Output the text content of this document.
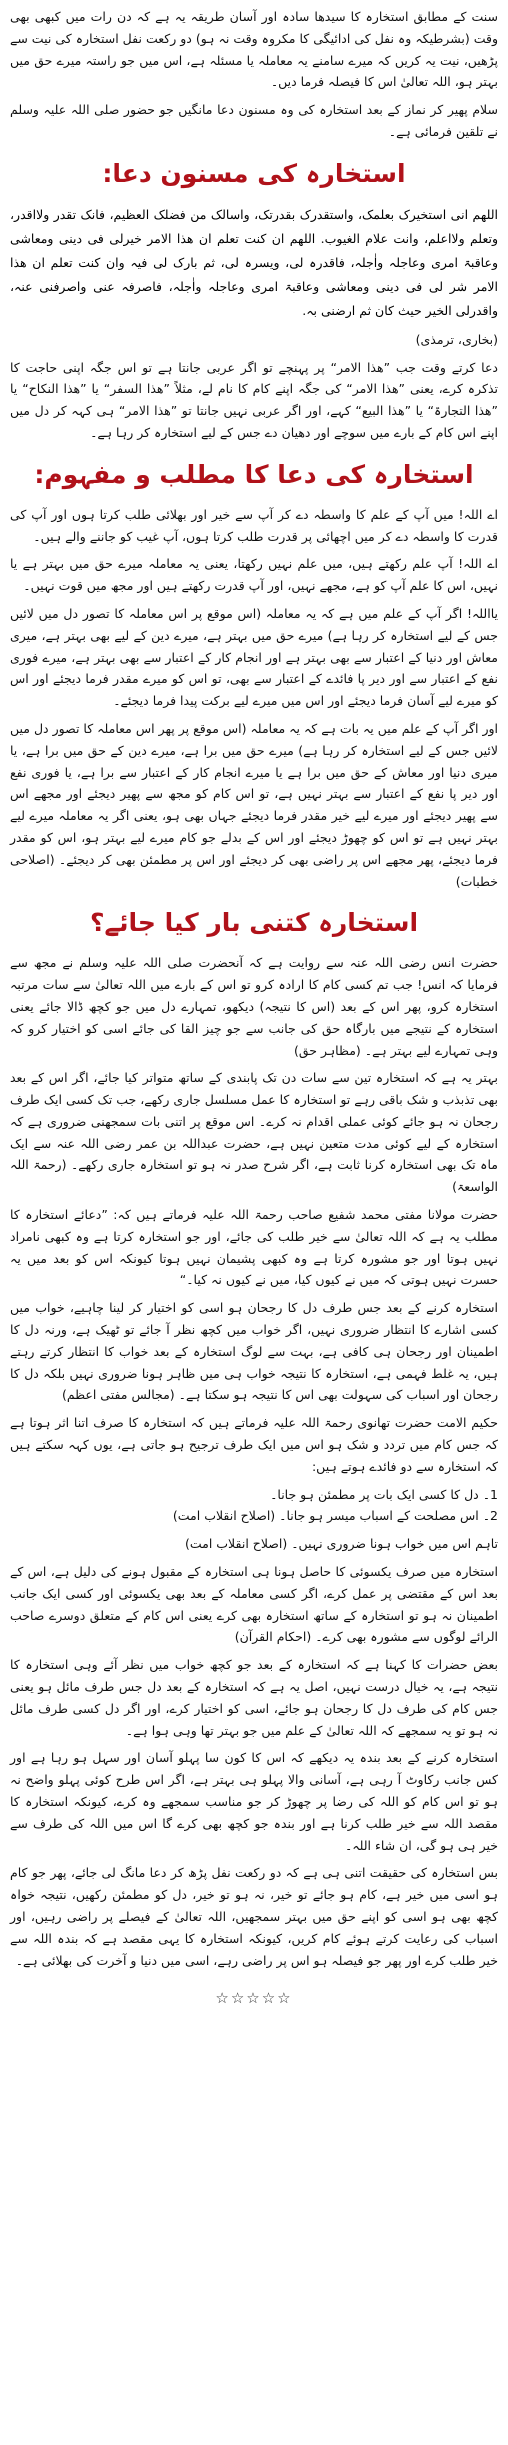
سنت کے مطابق استخارہ کا سیدھا سادہ اور آسان طریقہ یہ ہے کہ دن رات میں کبھی بھی وقت (بشرطیکہ وہ نفل کی ادائیگی کا مکروہ وقت نہ ہو) دو رکعت نفل استخارہ کی نیت سے پڑھیں، نیت یہ کریں کہ میرے سامنے یہ معاملہ یا مسئلہ ہے، اس میں جو راستہ میرے حق میں بہتر ہو، اللہ تعالیٰ اس کا فیصلہ فرما دیں۔

سلام پھیر کر نماز کے بعد استخارہ کی وہ مسنون دعا مانگیں جو حضور صلی اللہ علیہ وسلم نے تلقین فرمائی ہے۔

استخارہ کی مسنون دعا:

اللھم انی استخیرک بعلمک، واستقدرک بقدرتک، واسالک من فضلک العظیم، فانک تقدر ولااقدر، وتعلم ولااعلم، وانت علام الغیوب. اللھم ان کنت تعلم ان ھذا الامر خیرلی فی دینی ومعاشی وعاقبۃ امری وعاجلہ واٰجلہ، فاقدرہ لی، ویسرہ لی، ثم بارک لی فیہ وان کنت تعلم ان ھذا الامر شر لی فی دینی ومعاشی وعاقبۃ امری وعاجلہ واٰجلہ، فاصرفہ عنی واصرفنی عنہ، واقدرلی الخیر حیث کان ثم ارضنی بہ.

(بخاری، ترمذی)

دعا کرتے وقت جب ”ھذا الامر“ پر پہنچے تو اگر عربی جانتا ہے تو اس جگہ اپنی حاجت کا تذکرہ کرے، یعنی ”ھذا الامر“ کی جگہ اپنے کام کا نام لے، مثلاً ”ھذا السفر“ یا ”ھذا النکاح“ یا ”ھذا التجارۃ“ یا ”ھذا البیع“ کہے، اور اگر عربی نہیں جانتا تو ”ھذا الامر“ ہی کہہ کر دل میں اپنے اس کام کے بارے میں سوچے اور دھیان دے جس کے لیے استخارہ کر رہا ہے۔

استخارہ کی دعا کا مطلب و مفہوم:

اے اللہ! میں آپ کے علم کا واسطہ دے کر آپ سے خیر اور بھلائی طلب کرتا ہوں اور آپ کی قدرت کا واسطہ دے کر میں اچھائی پر قدرت طلب کرتا ہوں، آپ غیب کو جاننے والے ہیں۔

اے اللہ! آپ علم رکھتے ہیں، میں علم نہیں رکھتا، یعنی یہ معاملہ میرے حق میں بہتر ہے یا نہیں، اس کا علم آپ کو ہے، مجھے نہیں، اور آپ قدرت رکھتے ہیں اور مجھ میں قوت نہیں۔

یااللہ! اگر آپ کے علم میں ہے کہ یہ معاملہ (اس موقع پر اس معاملہ کا تصور دل میں لائیں جس کے لیے استخارہ کر رہا ہے) میرے حق میں بہتر ہے، میرے دین کے لیے بھی بہتر ہے، میری معاش اور دنیا کے اعتبار سے بھی بہتر ہے اور انجام کار کے اعتبار سے بھی بہتر ہے، میرے فوری نفع کے اعتبار سے اور دیر پا فائدے کے اعتبار سے بھی، تو اس کو میرے مقدر فرما دیجئے اور اس کو میرے لیے آسان فرما دیجئے اور اس میں میرے لیے برکت پیدا فرما دیجئے۔

اور اگر آپ کے علم میں یہ بات ہے کہ یہ معاملہ (اس موقع پر پھر اس معاملہ کا تصور دل میں لائیں جس کے لیے استخارہ کر رہا ہے) میرے حق میں برا ہے، میرے دین کے حق میں برا ہے، یا میری دنیا اور معاش کے حق میں برا ہے یا میرے انجام کار کے اعتبار سے برا ہے، یا فوری نفع اور دیر پا نفع کے اعتبار سے بہتر نہیں ہے، تو اس کام کو مجھ سے پھیر دیجئے اور مجھے اس سے پھیر دیجئے اور میرے لیے خیر مقدر فرما دیجئے جہاں بھی ہو، یعنی اگر یہ معاملہ میرے لیے بہتر نہیں ہے تو اس کو چھوڑ دیجئے اور اس کے بدلے جو کام میرے لیے بہتر ہو، اس کو مقدر فرما دیجئے، پھر مجھے اس پر راضی بھی کر دیجئے اور اس پر مطمئن بھی کر دیجئے۔ (اصلاحی خطبات)

استخارہ کتنی بار کیا جائے؟

حضرت انس رضی اللہ عنہ سے روایت ہے کہ آنحضرت صلی اللہ علیہ وسلم نے مجھ سے فرمایا کہ انس! جب تم کسی کام کا ارادہ کرو تو اس کے بارے میں اللہ تعالیٰ سے سات مرتبہ استخارہ کرو، پھر اس کے بعد (اس کا نتیجہ) دیکھو، تمہارے دل میں جو کچھ ڈالا جائے یعنی استخارہ کے نتیجے میں بارگاہ حق کی جانب سے جو چیز القا کی جائے اسی کو اختیار کرو کہ وہی تمہارے لیے بہتر ہے۔ (مظاہر حق)

بہتر یہ ہے کہ استخارہ تین سے سات دن تک پابندی کے ساتھ متواتر کیا جائے، اگر اس کے بعد بھی تذبذب و شک باقی رہے تو استخارہ کا عمل مسلسل جاری رکھے، جب تک کسی ایک طرف رجحان نہ ہو جائے کوئی عملی اقدام نہ کرے۔ اس موقع پر اتنی بات سمجھنی ضروری ہے کہ استخارہ کے لیے کوئی مدت متعین نہیں ہے، حضرت عبداللہ بن عمر رضی اللہ عنہ سے ایک ماہ تک بھی استخارہ کرنا ثابت ہے، اگر شرح صدر نہ ہو تو استخارہ جاری رکھے۔ (رحمۃ اللہ الواسعۃ)

حضرت مولانا مفتی محمد شفیع صاحب رحمۃ اللہ علیہ فرماتے ہیں کہ: ”دعائے استخارہ کا مطلب یہ ہے کہ اللہ تعالیٰ سے خیر طلب کی جائے، اور جو استخارہ کرتا ہے وہ کبھی نامراد نہیں ہوتا اور جو مشورہ کرتا ہے وہ کبھی پشیمان نہیں ہوتا کیونکہ اس کو بعد میں یہ حسرت نہیں ہوتی کہ میں نے کیوں کیا، میں نے کیوں نہ کیا۔“

استخارہ کرنے کے بعد جس طرف دل کا رجحان ہو اسی کو اختیار کر لینا چاہیے، خواب میں کسی اشارے کا انتظار ضروری نہیں، اگر خواب میں کچھ نظر آ جائے تو ٹھیک ہے، ورنہ دل کا اطمینان اور رجحان ہی کافی ہے، بہت سے لوگ استخارہ کے بعد خواب کا انتظار کرتے رہتے ہیں، یہ غلط فہمی ہے، استخارہ کا نتیجہ خواب ہی میں ظاہر ہونا ضروری نہیں بلکہ دل کا رجحان اور اسباب کی سہولت بھی اس کا نتیجہ ہو سکتا ہے۔ (مجالس مفتی اعظم)

حکیم الامت حضرت تھانوی رحمۃ اللہ علیہ فرماتے ہیں کہ استخارہ کا صرف اتنا اثر ہوتا ہے کہ جس کام میں تردد و شک ہو اس میں ایک طرف ترجیح ہو جاتی ہے، یوں کہہ سکتے ہیں کہ استخارہ سے دو فائدے ہوتے ہیں:

1۔ دل کا کسی ایک بات پر مطمئن ہو جانا۔
2۔ اس مصلحت کے اسباب میسر ہو جانا۔ (اصلاح انقلاب امت)

تاہم اس میں خواب ہونا ضروری نہیں۔ (اصلاح انقلاب امت)

استخارہ میں صرف یکسوئی کا حاصل ہونا ہی استخارہ کے مقبول ہونے کی دلیل ہے، اس کے بعد اس کے مقتضی پر عمل کرے، اگر کسی معاملہ کے بعد بھی یکسوئی اور کسی ایک جانب اطمینان نہ ہو تو استخارہ کے ساتھ استخارہ بھی کرے یعنی اس کام کے متعلق دوسرے صاحب الرائے لوگوں سے مشورہ بھی کرے۔ (احکام القرآن)

بعض حضرات کا کہنا ہے کہ استخارہ کے بعد جو کچھ خواب میں نظر آئے وہی استخارہ کا نتیجہ ہے، یہ خیال درست نہیں، اصل یہ ہے کہ استخارہ کے بعد دل جس طرف مائل ہو یعنی جس کام کی طرف دل کا رجحان ہو جائے، اسی کو اختیار کرے، اور اگر دل کسی طرف مائل نہ ہو تو یہ سمجھے کہ اللہ تعالیٰ کے علم میں جو بہتر تھا وہی ہوا ہے۔

استخارہ کرنے کے بعد بندہ یہ دیکھے کہ اس کا کون سا پہلو آسان اور سہل ہو رہا ہے اور کس جانب رکاوٹ آ رہی ہے، آسانی والا پہلو ہی بہتر ہے، اگر اس طرح کوئی پہلو واضح نہ ہو تو اس کام کو اللہ کی رضا پر چھوڑ کر جو مناسب سمجھے وہ کرے، کیونکہ استخارہ کا مقصد اللہ سے خیر طلب کرنا ہے اور بندہ جو کچھ بھی کرے گا اس میں اللہ کی طرف سے خیر ہی ہو گی، ان شاء اللہ۔

بس استخارہ کی حقیقت اتنی ہی ہے کہ دو رکعت نفل پڑھ کر دعا مانگ لی جائے، پھر جو کام ہو اسی میں خیر ہے، کام ہو جائے تو خیر، نہ ہو تو خیر، دل کو مطمئن رکھیں، نتیجہ خواہ کچھ بھی ہو اسی کو اپنے حق میں بہتر سمجھیں، اللہ تعالیٰ کے فیصلے پر راضی رہیں، اور اسباب کی رعایت کرتے ہوئے کام کریں، کیونکہ استخارہ کا یہی مقصد ہے کہ بندہ اللہ سے خیر طلب کرے اور پھر جو فیصلہ ہو اس پر راضی رہے، اسی میں دنیا و آخرت کی بھلائی ہے۔

☆☆☆☆☆
